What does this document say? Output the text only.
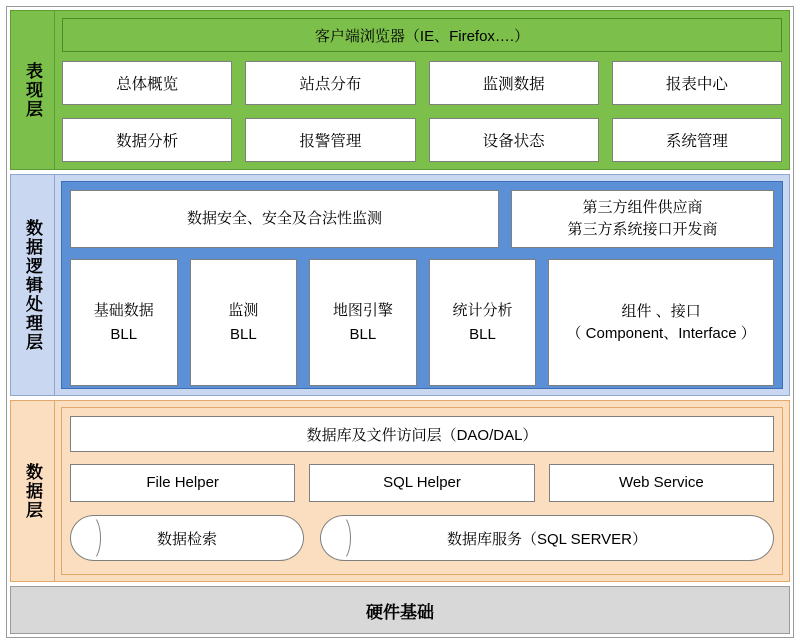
表现层
客户端浏览器（IE、Firefox….）
总体概览	站点分布	监测数据	报表中心
数据分析	报警管理	设备状态	系统管理
数据逻辑处理层	数据安全、安全及合法性监测
第三方组件供应商
第三方系统接口开发商
基础数据
BLL
监测
BLL
地图引擎
BLL
统计分析
BLL
组件 、接口
（ Component、Interface ）
数据层
数据库及文件访问层（DAO/DAL）
File Helper	SQL Helper	Web Service
数据检索	数据库服务（SQL SERVER）
硬件基础
